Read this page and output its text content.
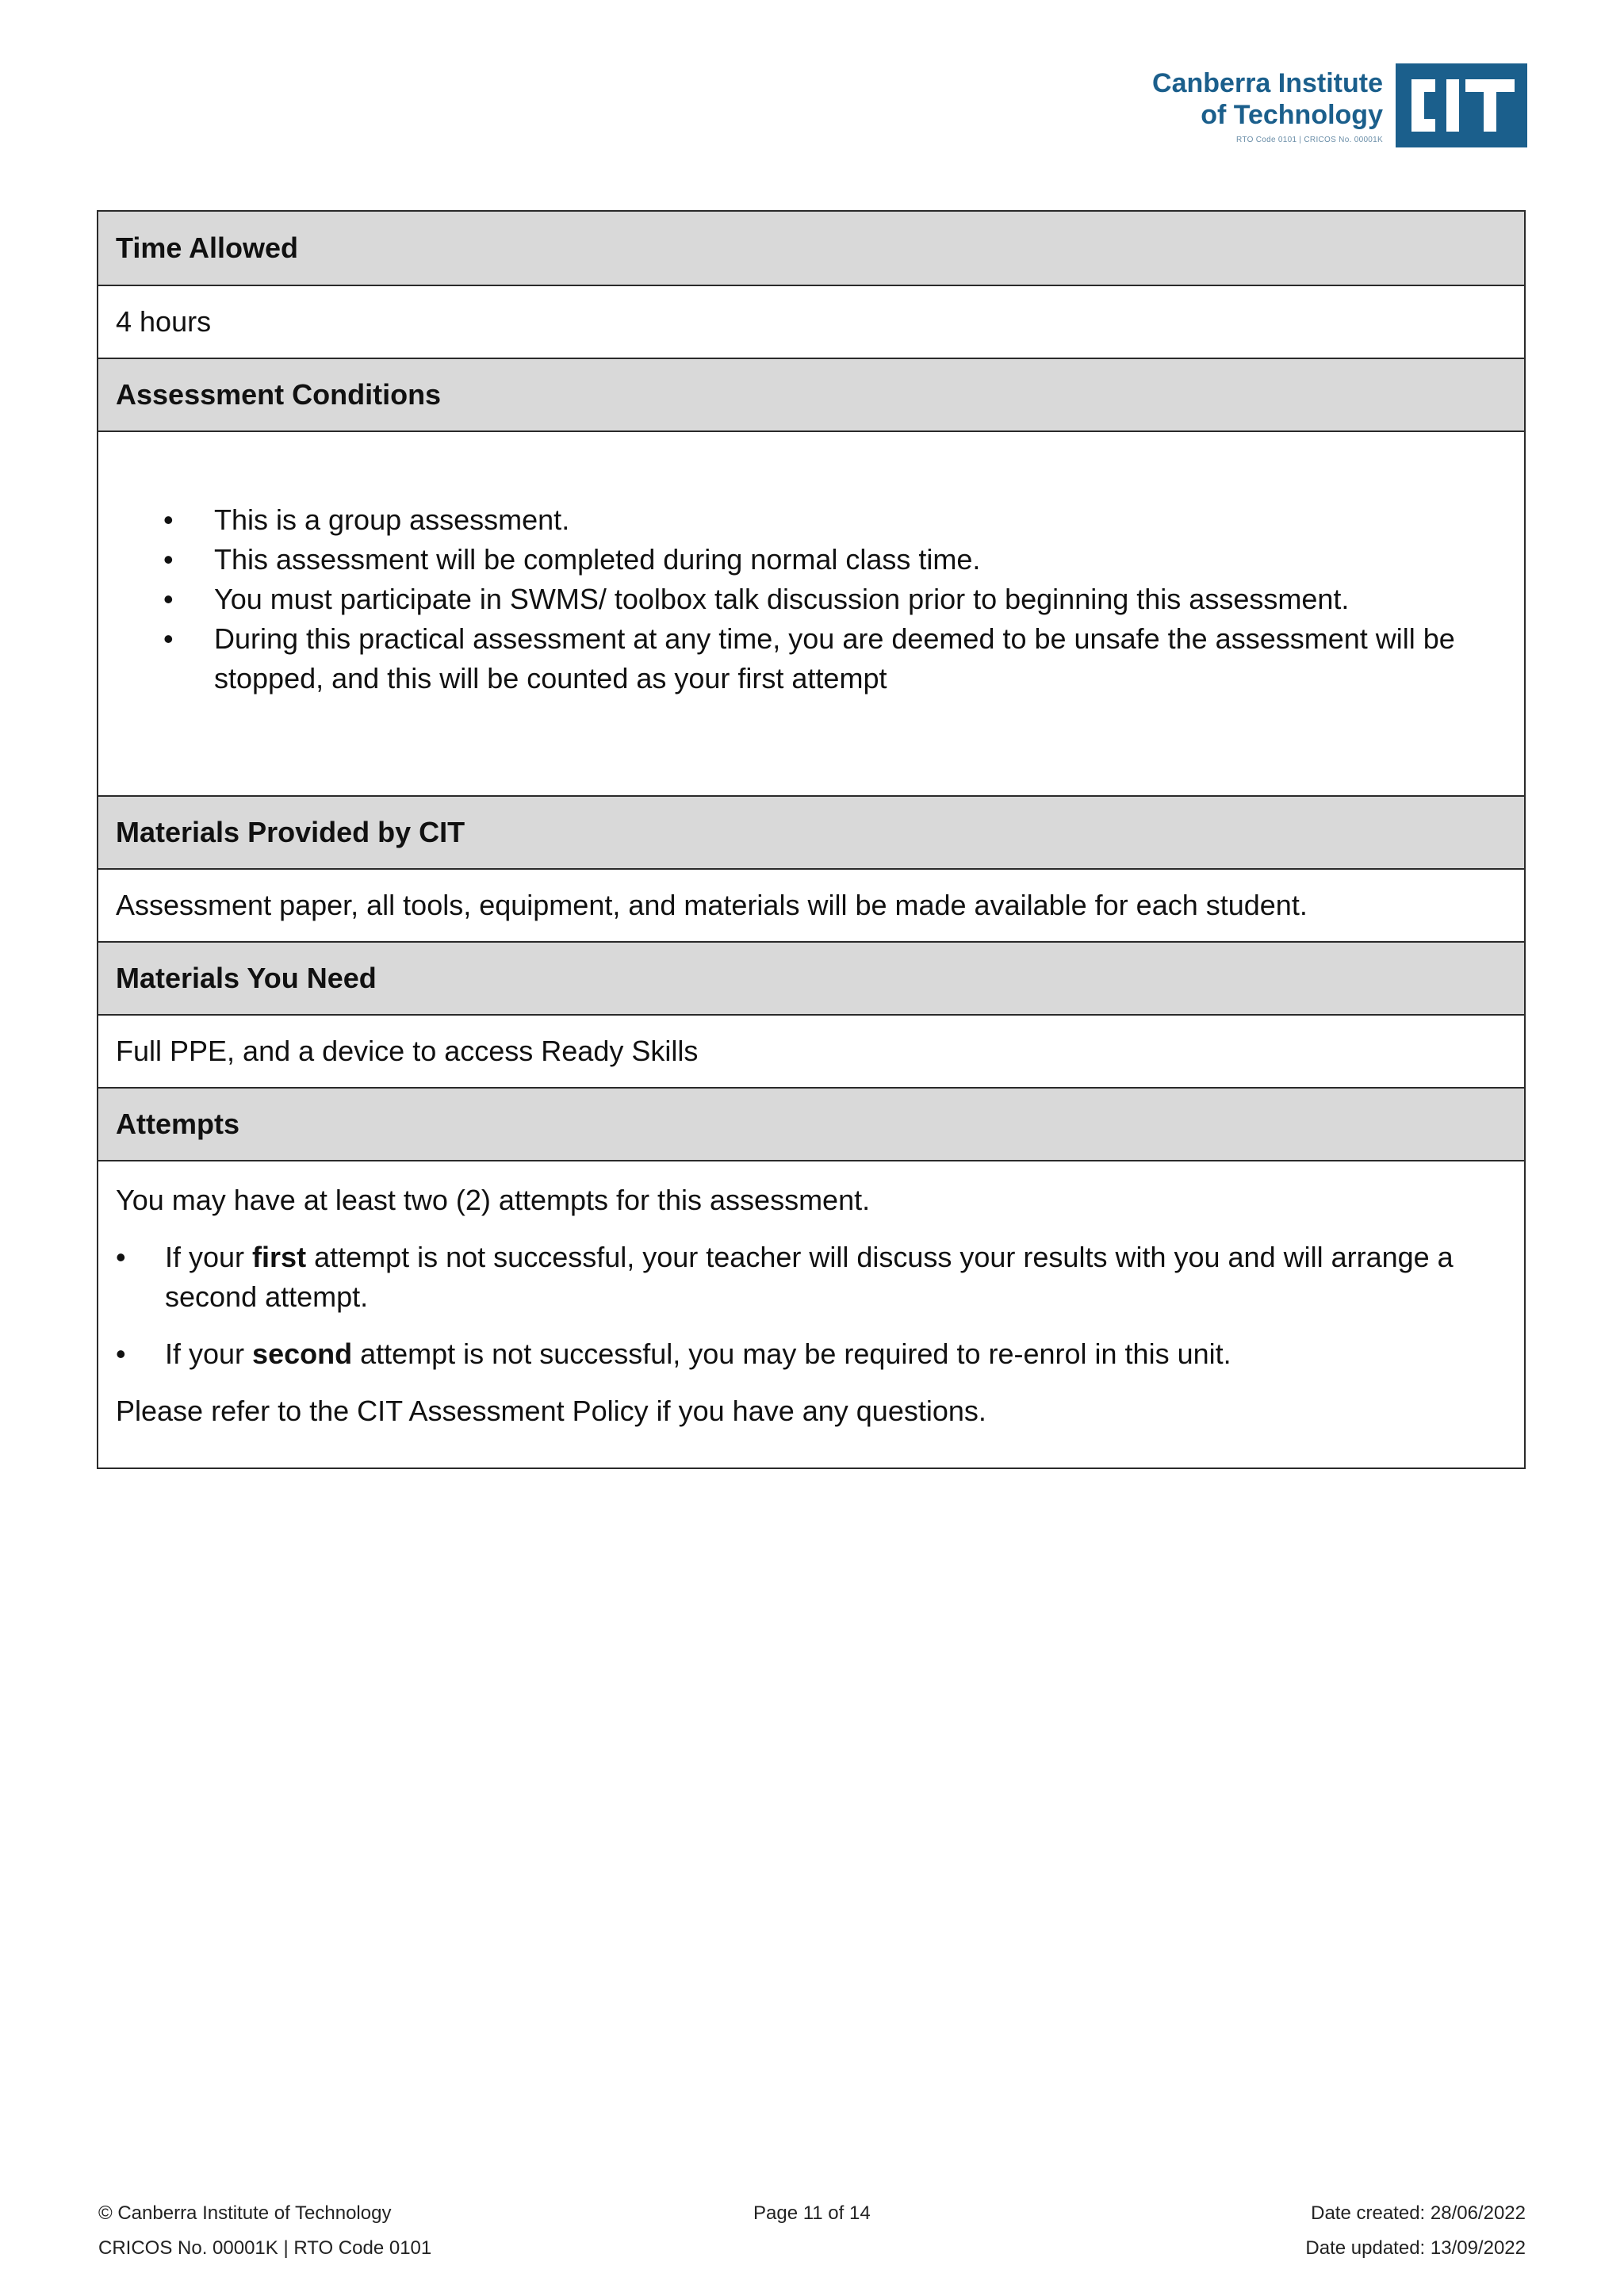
Canberra Institute
of Technology
RTO Code 0101 | CRICOS No. 00001K
Time Allowed
4 hours
Assessment Conditions
• This is a group assessment.
• This assessment will be completed during normal class time.
• You must participate in SWMS/ toolbox talk discussion prior to beginning this assessment.
• During this practical assessment at any time, you are deemed to be unsafe the assessment will be stopped, and this will be counted as your first attempt
Materials Provided by CIT
Assessment paper, all tools, equipment, and materials will be made available for each student.
Materials You Need
Full PPE, and a device to access Ready Skills
Attempts

You may have at least two (2) attempts for this assessment.

• If your first attempt is not successful, your teacher will discuss your results with you and will arrange a second attempt.
• If your second attempt is not successful, you may be required to re-enrol in this unit.

Please refer to the CIT Assessment Policy if you have any questions.

© Canberra Institute of Technology
CRICOS No. 00001K | RTO Code 0101
Page 11 of 14	Date created: 28/06/2022
Date updated: 13/09/2022
